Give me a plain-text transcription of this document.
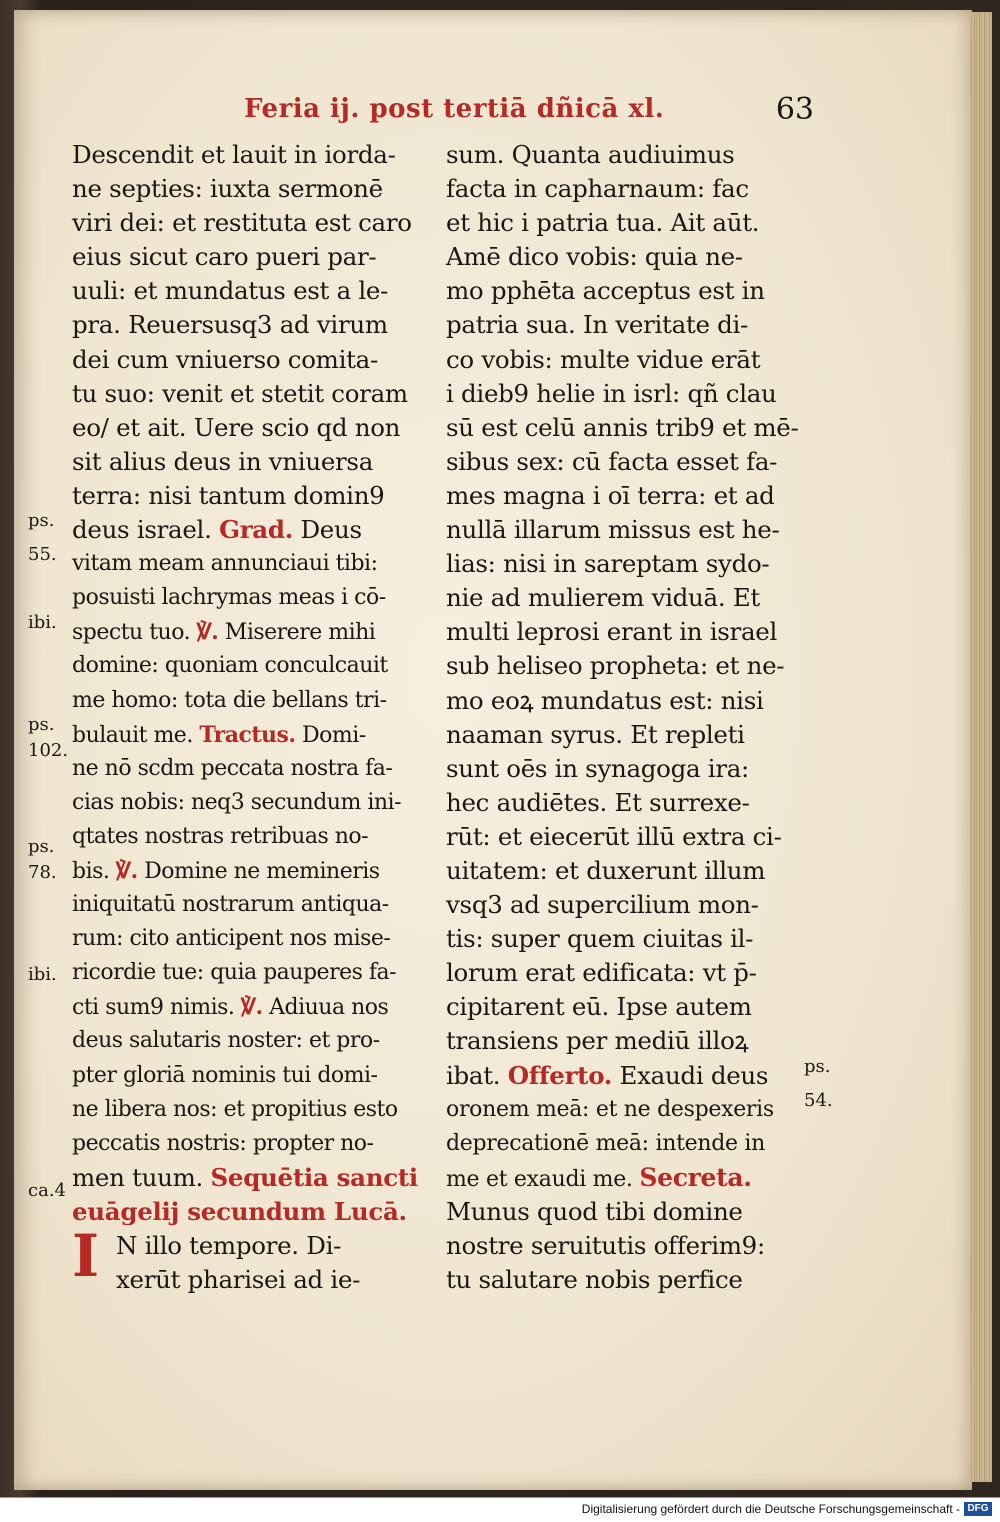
Feria ij. post tertiā dñicā xl.	63
ps.
55.
ibi.
ps.
102.
ps.
78.
ibi.
ca.4
Descendit et lauit in iorda-
ne septies: iuxta sermonē
viri dei: et restituta est caro
eius sicut caro pueri par-
uuli: et mundatus est a le-
pra. Reuersusq3 ad virum
dei cum vniuerso comita-
tu suo: venit et stetit coram
eo/ et ait. Uere scio qd non
sit alius deus in vniuersa
terra: nisi tantum domin9
deus israel. Grad. Deus
vitam meam annunciaui tibi:
posuisti lachrymas meas i cō-
spectu tuo. ℣. Miserere mihi
domine: quoniam conculcauit
me homo: tota die bellans tri-
bulauit me. Tractus. Domi-
ne nō scdm peccata nostra fa-
cias nobis: neq3 secundum ini-
qtates nostras retribuas no-
bis. ℣. Domine ne memineris
iniquitatū nostrarum antiqua-
rum: cito anticipent nos mise-
ricordie tue: quia pauperes fa-
cti sum9 nimis. ℣. Adiuua nos
deus salutaris noster: et pro-
pter gloriā nominis tui domi-
ne libera nos: et propitius esto
peccatis nostris: propter no-
men tuum. Sequētia sancti
euāgelij secundum Lucā.
I N illo tempore. Di-
xerūt pharisei ad ie-
sum. Quanta audiuimus
facta in capharnaum: fac
et hic i patria tua. Ait aūt.
Amē dico vobis: quia ne-
mo pphēta acceptus est in
patria sua. In veritate di-
co vobis: multe vidue erāt
i dieb9 helie in isrl: qñ clau
sū est celū annis trib9 et mē-
sibus sex: cū facta esset fa-
mes magna i oī terra: et ad
nullā illarum missus est he-
lias: nisi in sareptam sydo-
nie ad mulierem viduā. Et
multi leprosi erant in israel
sub heliseo propheta: et ne-
mo eoꝝ mundatus est: nisi
naaman syrus. Et repleti
sunt oēs in synagoga ira:
hec audiētes. Et surrexe-
rūt: et eiecerūt illū extra ci-
uitatem: et duxerunt illum
vsq3 ad supercilium mon-
tis: super quem ciuitas il-
lorum erat edificata: vt p̄-
cipitarent eū. Ipse autem
transiens per mediū illoꝝ
ibat. Offerto. Exaudi deus
oronem meā: et ne despexeris
deprecationē meā: intende in
me et exaudi me. Secreta.
Munus quod tibi domine
nostre seruitutis offerim9:
tu salutare nobis perfice
ps.
54.
Digitalisierung gefördert durch die Deutsche Forschungsgemeinschaft - DFG
